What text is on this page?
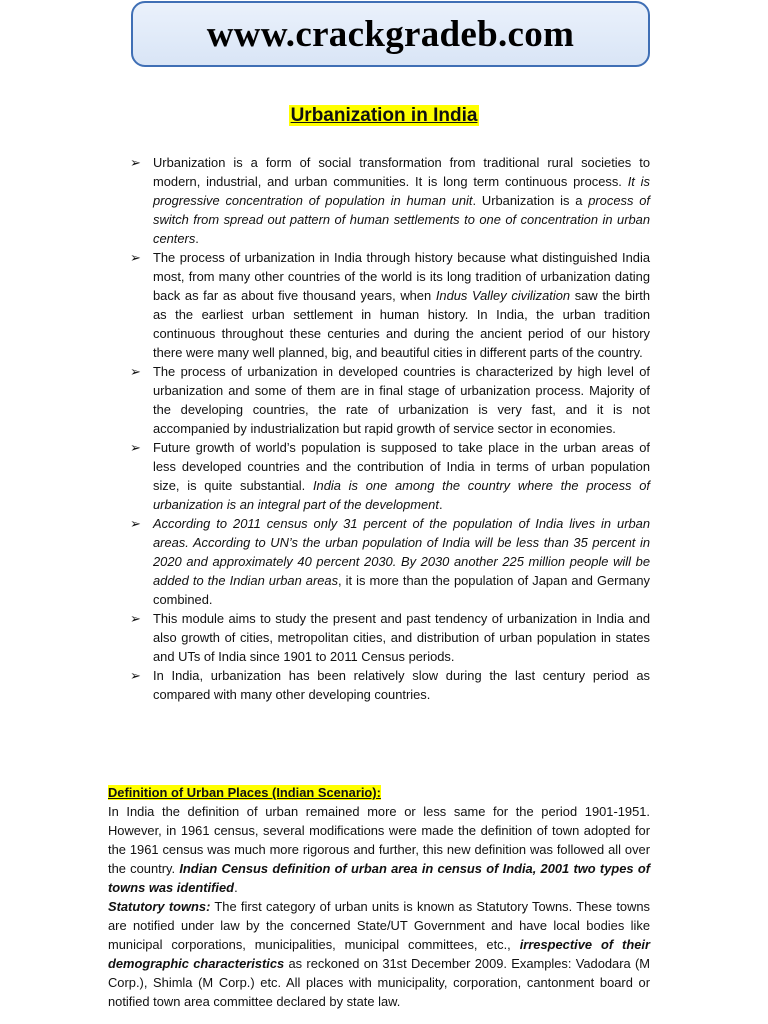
www.crackgradeb.com
Urbanization in India
➢ Urbanization is a form of social transformation from traditional rural societies to modern, industrial, and urban communities. It is long term continuous process. It is progressive concentration of population in human unit. Urbanization is a process of switch from spread out pattern of human settlements to one of concentration in urban centers.
➢ The process of urbanization in India through history because what distinguished India most, from many other countries of the world is its long tradition of urbanization dating back as far as about five thousand years, when Indus Valley civilization saw the birth as the earliest urban settlement in human history. In India, the urban tradition continuous throughout these centuries and during the ancient period of our history there were many well planned, big, and beautiful cities in different parts of the country.
➢ The process of urbanization in developed countries is characterized by high level of urbanization and some of them are in final stage of urbanization process. Majority of the developing countries, the rate of urbanization is very fast, and it is not accompanied by industrialization but rapid growth of service sector in economies.
➢ Future growth of world’s population is supposed to take place in the urban areas of less developed countries and the contribution of India in terms of urban population size, is quite substantial. India is one among the country where the process of urbanization is an integral part of the development.
➢ According to 2011 census only 31 percent of the population of India lives in urban areas. According to UN’s the urban population of India will be less than 35 percent in 2020 and approximately 40 percent 2030. By 2030 another 225 million people will be added to the Indian urban areas, it is more than the population of Japan and Germany combined.
➢ This module aims to study the present and past tendency of urbanization in India and also growth of cities, metropolitan cities, and distribution of urban population in states and UTs of India since 1901 to 2011 Census periods.
➢ In India, urbanization has been relatively slow during the last century period as compared with many other developing countries.

Definition of Urban Places (Indian Scenario):

In India the definition of urban remained more or less same for the period 1901-1951. However, in 1961 census, several modifications were made the definition of town adopted for the 1961 census was much more rigorous and further, this new definition was followed all over the country. Indian Census definition of urban area in census of India, 2001 two types of towns was identified.

Statutory towns: The first category of urban units is known as Statutory Towns. These towns are notified under law by the concerned State/UT Government and have local bodies like municipal corporations, municipalities, municipal committees, etc., irrespective of their demographic characteristics as reckoned on 31st December 2009. Examples: Vadodara (M Corp.), Shimla (M Corp.) etc. All places with municipality, corporation, cantonment board or notified town area committee declared by state law.
